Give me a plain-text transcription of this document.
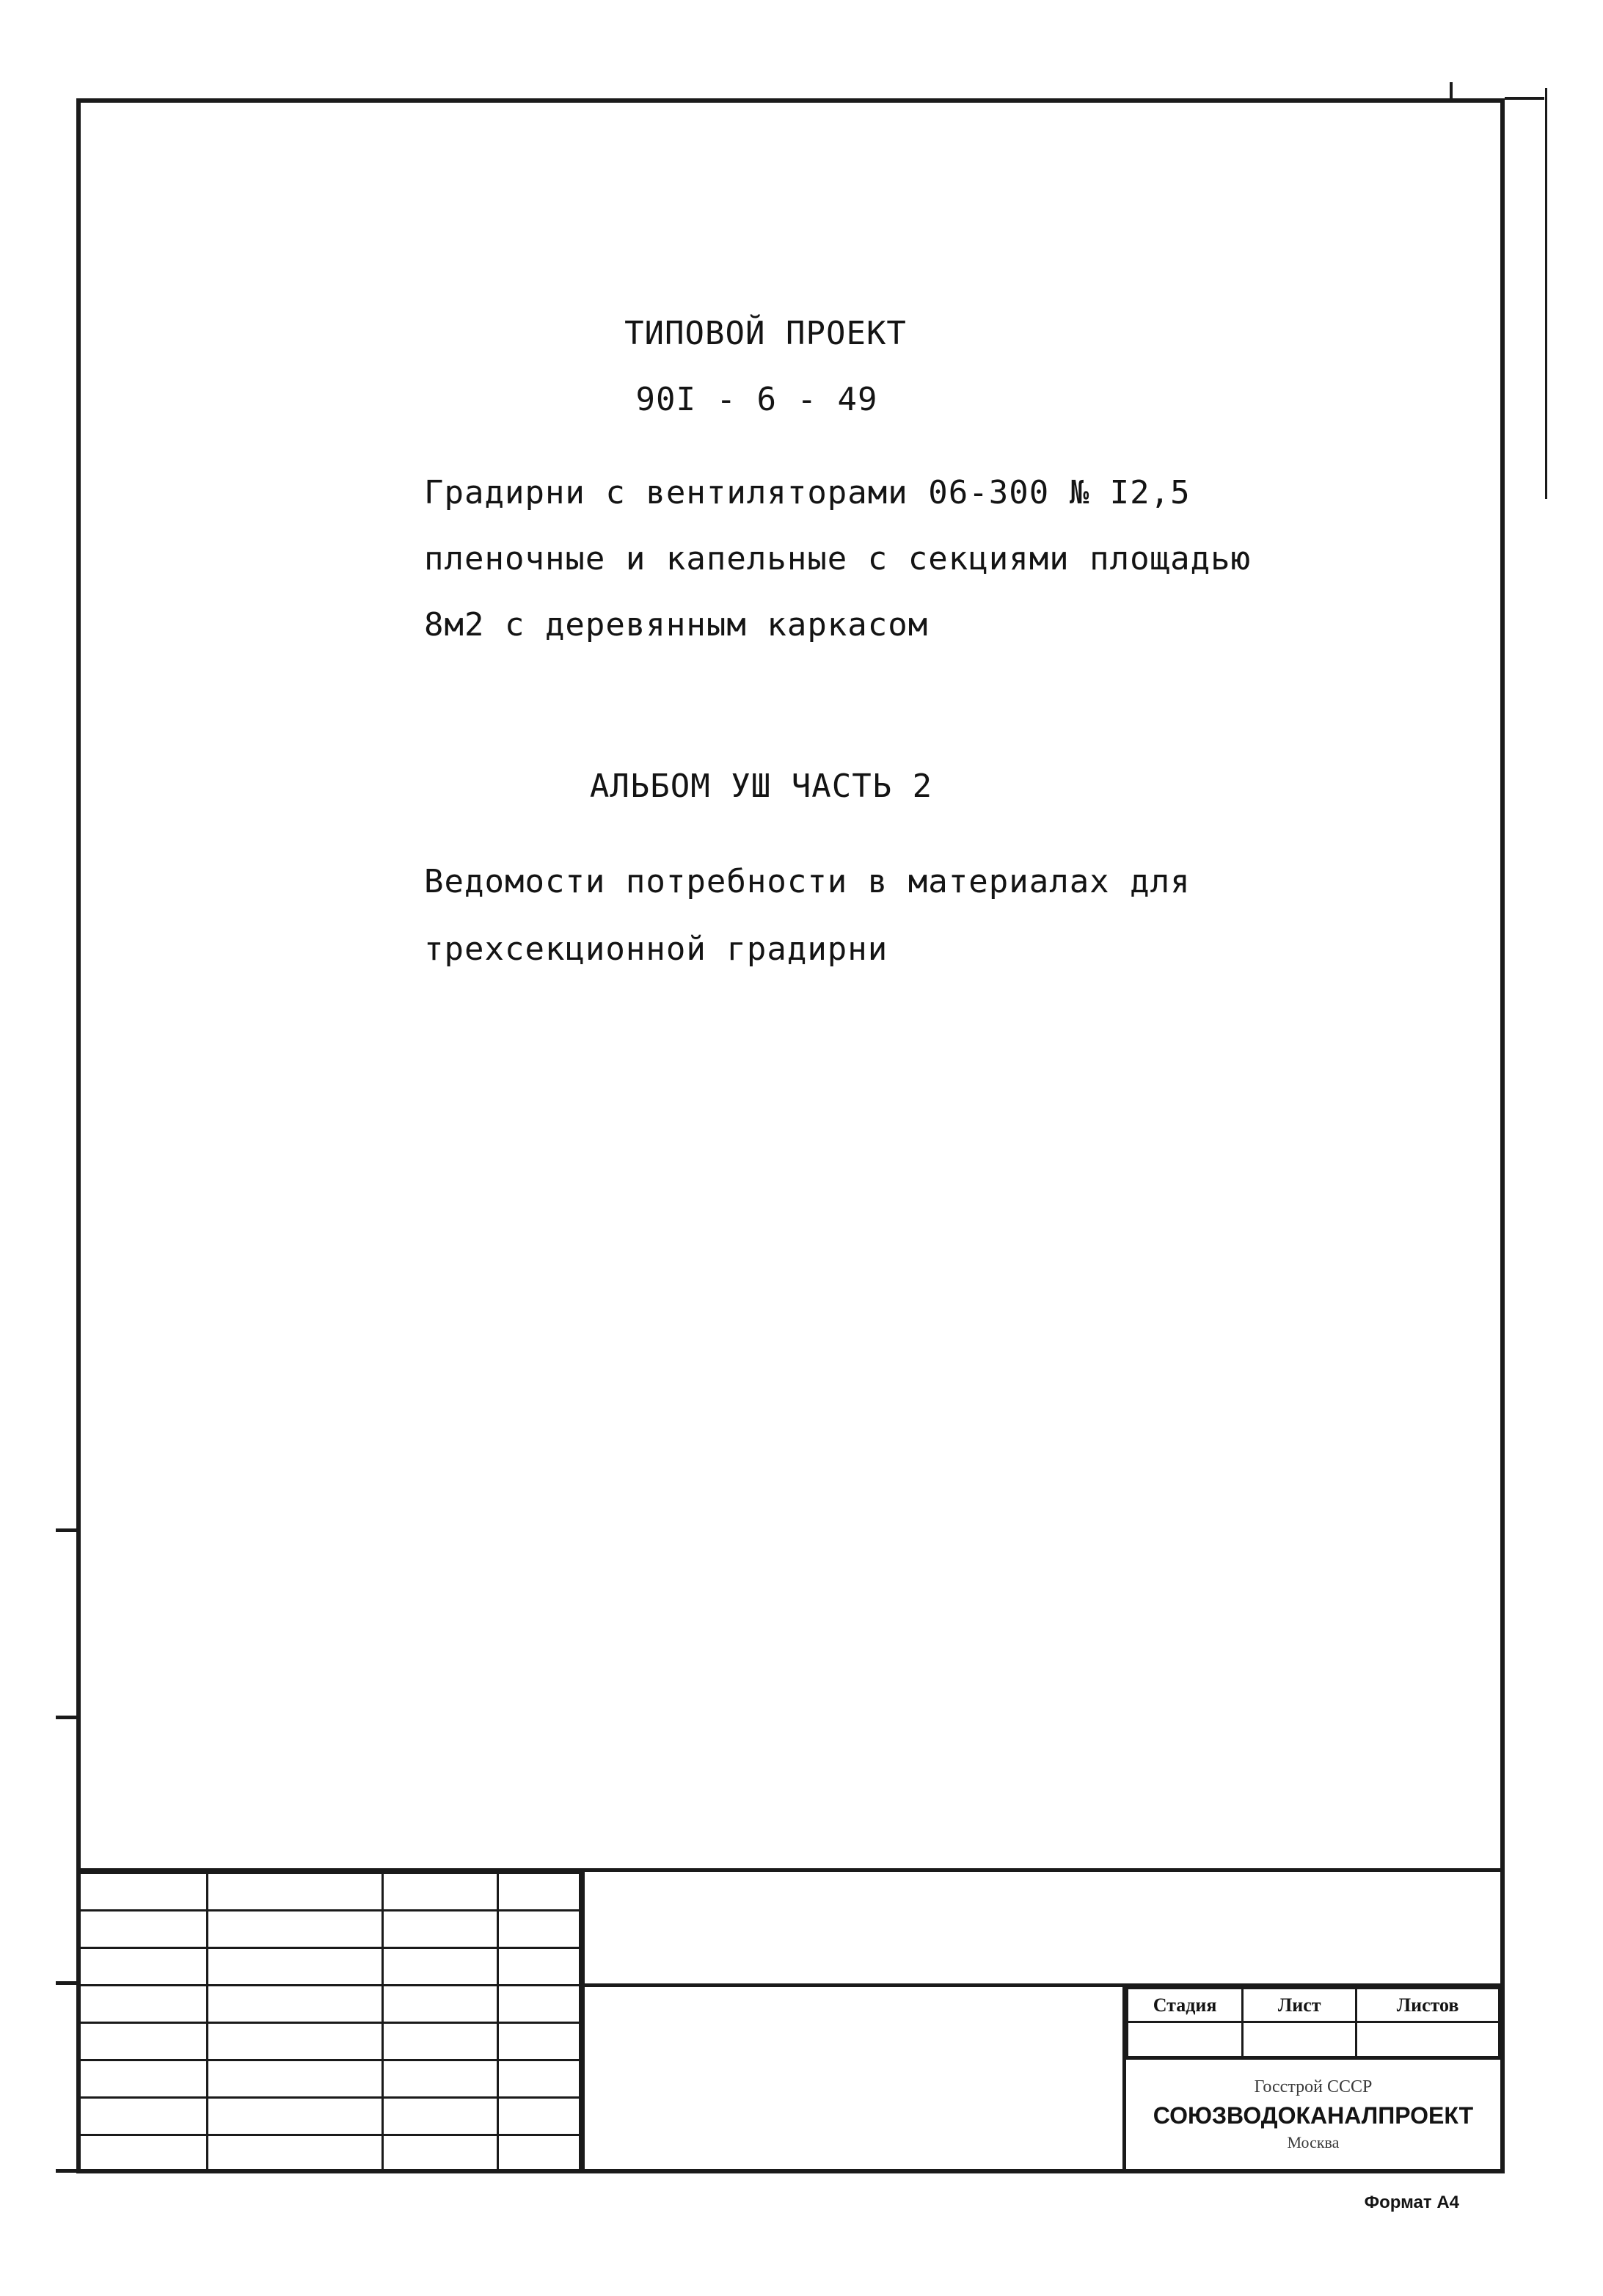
ТИПОВОЙ ПРОЕКТ
90I - 6 - 49
Градирни с вентиляторами 06-300 № I2,5
пленочные и капельные с секциями площадью
8м2 с деревянным каркасом
АЛЬБОМ УШ ЧАСТЬ 2
Ведомости потребности в материалах для
трехсекционной градирни

Стадия	Лист	Листов

Госстрой СССР
СОЮЗВОДОКАНАЛПРОЕКТ
Москва
Формат А4
